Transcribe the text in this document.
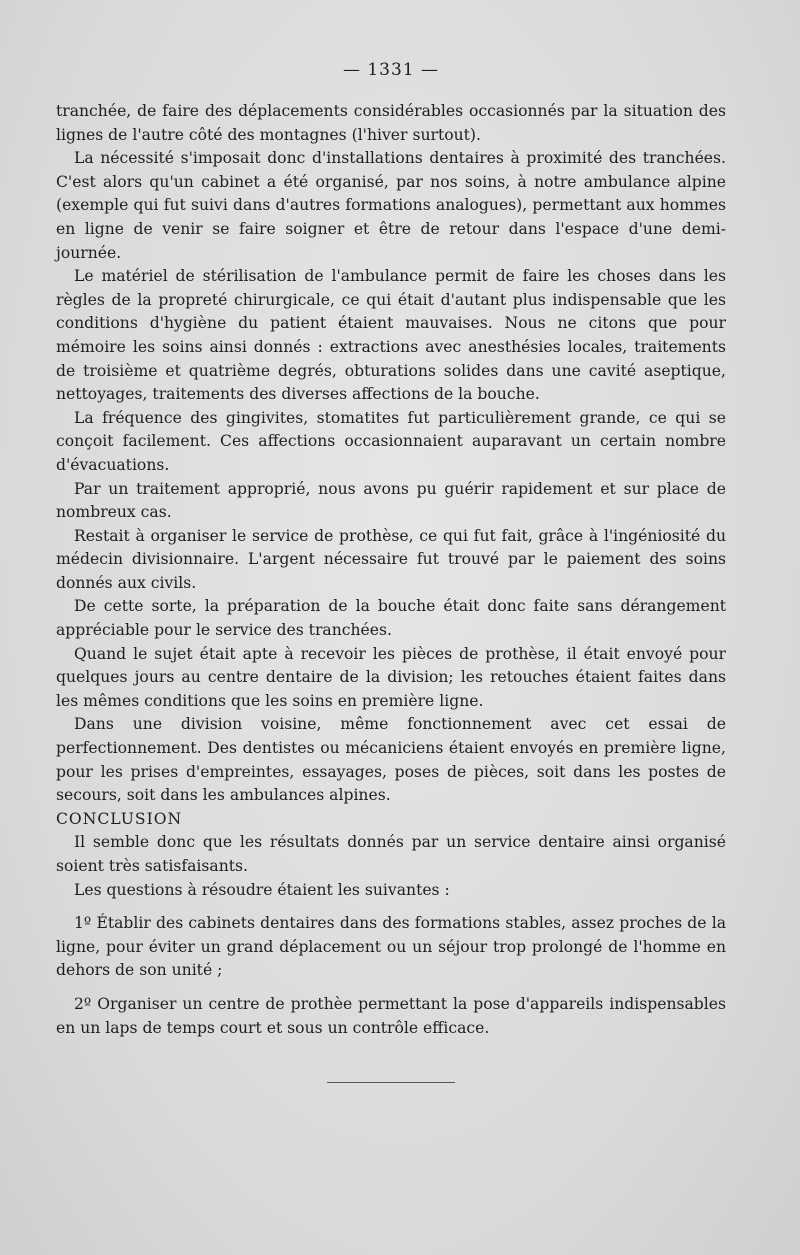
— 1331 —

tranchée, de faire des déplacements considérables occasionnés par la situation des lignes de l'autre côté des montagnes (l'hiver surtout).

La nécessité s'imposait donc d'installations dentaires à proximité des tranchées. C'est alors qu'un cabinet a été organisé, par nos soins, à notre ambulance alpine (exemple qui fut suivi dans d'autres formations analogues), permettant aux hommes en ligne de venir se faire soigner et être de retour dans l'espace d'une demi-journée.

Le matériel de stérilisation de l'ambulance permit de faire les choses dans les règles de la propreté chirurgicale, ce qui était d'autant plus indispensable que les conditions d'hygiène du patient étaient mauvaises. Nous ne citons que pour mémoire les soins ainsi donnés : extractions avec anesthésies locales, traitements de troisième et quatrième degrés, obturations solides dans une cavité aseptique, nettoyages, traitements des diverses affections de la bouche.

La fréquence des gingivites, stomatites fut particulièrement grande, ce qui se conçoit facilement. Ces affections occasionnaient auparavant un certain nombre d'évacuations.

Par un traitement approprié, nous avons pu guérir rapidement et sur place de nombreux cas.

Restait à organiser le service de prothèse, ce qui fut fait, grâce à l'ingéniosité du médecin divisionnaire. L'argent nécessaire fut trouvé par le paiement des soins donnés aux civils.

De cette sorte, la préparation de la bouche était donc faite sans dérangement appréciable pour le service des tranchées.

Quand le sujet était apte à recevoir les pièces de prothèse, il était envoyé pour quelques jours au centre dentaire de la division; les retouches étaient faites dans les mêmes conditions que les soins en première ligne.

Dans une division voisine, même fonctionnement avec cet essai de perfectionnement. Des dentistes ou mécaniciens étaient envoyés en première ligne, pour les prises d'empreintes, essayages, poses de pièces, soit dans les postes de secours, soit dans les ambulances alpines.

CONCLUSION

Il semble donc que les résultats donnés par un service dentaire ainsi organisé soient très satisfaisants.

Les questions à résoudre étaient les suivantes :

1º Établir des cabinets dentaires dans des formations stables, assez proches de la ligne, pour éviter un grand déplacement ou un séjour trop prolongé de l'homme en dehors de son unité ;

2º Organiser un centre de prothèe permettant la pose d'appareils indispensables en un laps de temps court et sous un contrôle efficace.
